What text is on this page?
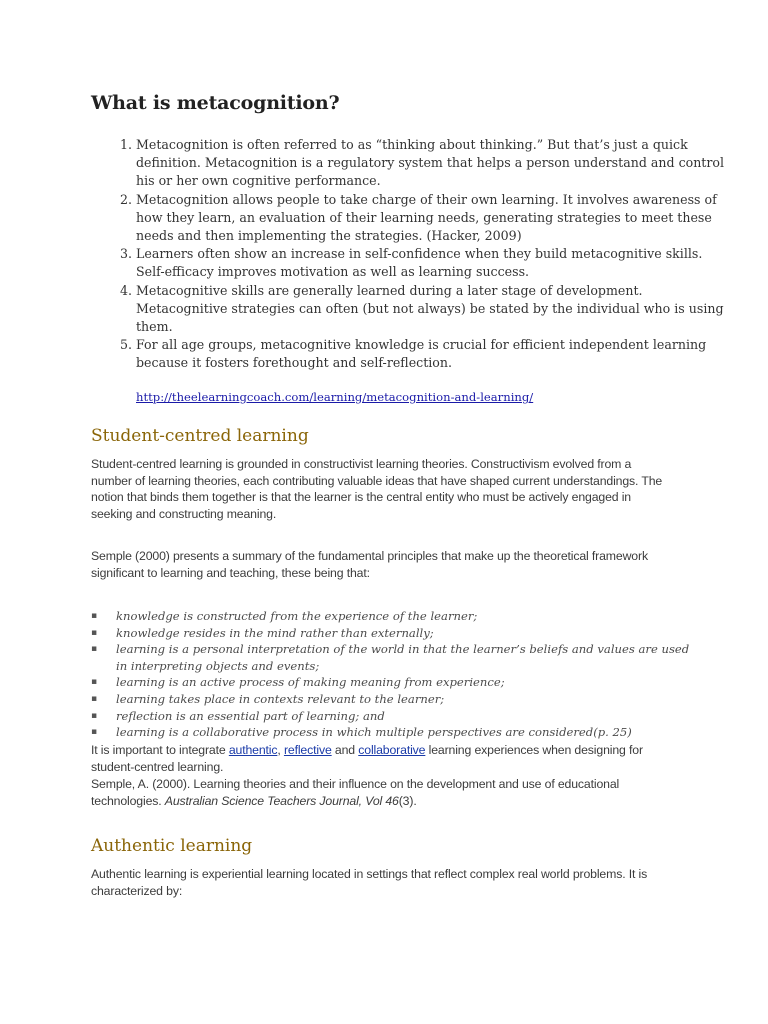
What is metacognition?
1. Metacognition is often referred to as “thinking about thinking.” But that’s just a quick definition. Metacognition is a regulatory system that helps a person understand and control his or her own cognitive performance.
2. Metacognition allows people to take charge of their own learning. It involves awareness of how they learn, an evaluation of their learning needs, generating strategies to meet these needs and then implementing the strategies. (Hacker, 2009)
3. Learners often show an increase in self-confidence when they build metacognitive skills. Self-efficacy improves motivation as well as learning success.
4. Metacognitive skills are generally learned during a later stage of development. Metacognitive strategies can often (but not always) be stated by the individual who is using them.
5. For all age groups, metacognitive knowledge is crucial for efficient independent learning because it fosters forethought and self-reflection.
http://theelearningcoach.com/learning/metacognition-and-learning/
Student-centred learning

Student-centred learning is grounded in constructivist learning theories. Constructivism evolved from a number of learning theories, each contributing valuable ideas that have shaped current understandings. The notion that binds them together is that the learner is the central entity who must be actively engaged in seeking and constructing meaning.

Semple (2000) presents a summary of the fundamental principles that make up the theoretical framework significant to learning and teaching, these being that:

▪ knowledge is constructed from the experience of the learner;
▪ knowledge resides in the mind rather than externally;
▪ learning is a personal interpretation of the world in that the learner’s beliefs and values are used in interpreting objects and events;
▪ learning is an active process of making meaning from experience;
▪ learning takes place in contexts relevant to the learner;
▪ reflection is an essential part of learning; and
▪ learning is a collaborative process in which multiple perspectives are considered(p. 25)

It is important to integrate authentic, reflective and collaborative learning experiences when designing for student-centred learning.

Semple, A. (2000). Learning theories and their influence on the development and use of educational technologies. Australian Science Teachers Journal, Vol 46(3).

Authentic learning

Authentic learning is experiential learning located in settings that reflect complex real world problems. It is characterized by:
